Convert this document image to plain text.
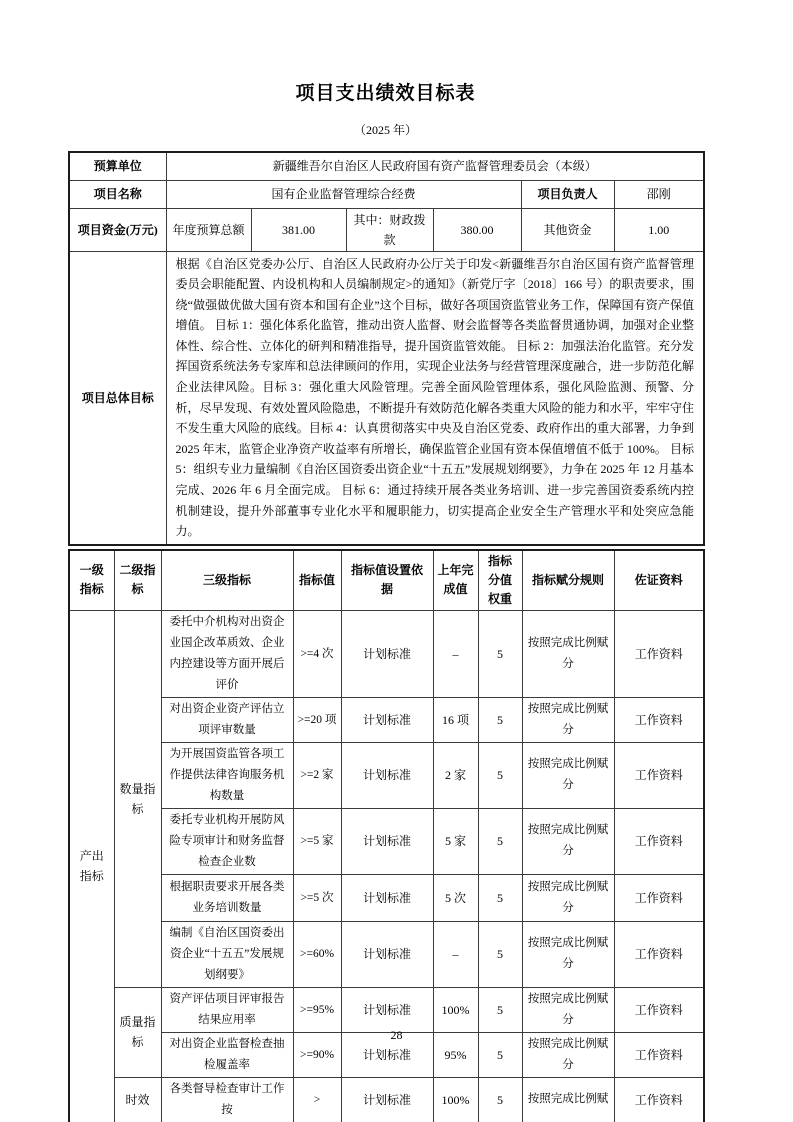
项目支出绩效目标表
（2025 年）
预算单位	新疆维吾尔自治区人民政府国有资产监督管理委员会（本级）					
项目名称	国有企业监督管理综合经费				项目负责人	邵刚
项目资金(万元)	年度预算总额	381.00	其中：财政拨款	380.00	其他资金	1.00
项目总体目标	根据《自治区党委办公厅、自治区人民政府办公厅关于印发<新疆维吾尔自治区国有资产监督管理委员会职能配置、内设机构和人员编制规定>的通知》（新党厅字〔2018〕166 号）的职责要求，围绕“做强做优做大国有资本和国有企业”这个目标，做好各项国资监管业务工作，保障国有资产保值增值。 目标 1：强化体系化监管，推动出资人监督、财会监督等各类监督贯通协调，加强对企业整体性、综合性、立体化的研判和精准指导，提升国资监管效能。 目标 2：加强法治化监管。充分发挥国资系统法务专家库和总法律顾问的作用，实现企业法务与经营管理深度融合，进一步防范化解企业法律风险。目标 3：强化重大风险管理。完善全面风险管理体系，强化风险监测、预警、分析，尽早发现、有效处置风险隐患，不断提升有效防范化解各类重大风险的能力和水平，牢牢守住不发生重大风险的底线。目标 4：认真贯彻落实中央及自治区党委、政府作出的重大部署，力争到 2025 年末，监管企业净资产收益率有所增长，确保监管企业国有资本保值增值不低于 100%。 目标 5：组织专业力量编制《自治区国资委出资企业“十五五”发展规划纲要》，力争在 2025 年 12 月基本完成、2026 年 6 月全面完成。 目标 6：通过持续开展各类业务培训、进一步完善国资委系统内控机制建设，提升外部董事专业化水平和履职能力，切实提高企业安全生产管理水平和处突应急能力。					
一级指标	二级指标	三级指标	指标值	指标值设置依据	上年完成值	指标分值权重	指标赋分规则	佐证资料
产出指标	数量指标	委托中介机构对出资企业国企改革质效、企业内控建设等方面开展后评价	>=4 次	计划标准	–	5	按照完成比例赋分	工作资料
		对出资企业资产评估立项评审数量	>=20 项	计划标准	16 项	5	按照完成比例赋分	工作资料
		为开展国资监管各项工作提供法律咨询服务机构数量	>=2 家	计划标准	2 家	5	按照完成比例赋分	工作资料
		委托专业机构开展防风险专项审计和财务监督检查企业数	>=5 家	计划标准	5 家	5	按照完成比例赋分	工作资料
		根据职责要求开展各类业务培训数量	>=5 次	计划标准	5 次	5	按照完成比例赋分	工作资料
		编制《自治区国资委出资企业“十五五”发展规划纲要》	>=60%	计划标准	–	5	按照完成比例赋分	工作资料
	质量指标	资产评估项目评审报告结果应用率	>=95%	计划标准	100%	5	按照完成比例赋分	工作资料
		对出资企业监督检查抽检履盖率	>=90%	计划标准	95%	5	按照完成比例赋分	工作资料
	时效	各类督导检查审计工作按	>	计划标准	100%	5	按照完成比例赋	工作资料
28
